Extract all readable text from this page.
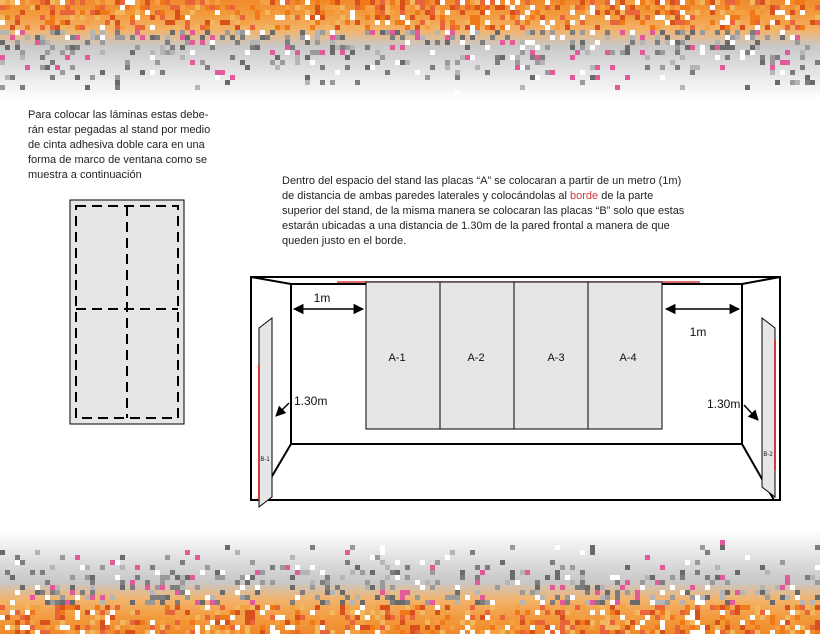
Para colocar las láminas estas debe-
rán estar pegadas al stand por medio
de cinta adhesiva doble cara en una
forma de marco de ventana como se
muestra a continuación	Dentro del espacio del stand las placas “A” se colocaran a partir de un metro (1m)
de distancia de ambas paredes laterales y colocándolas al borde de la parte
superior del stand, de la misma manera se colocaran las placas “B” solo que estas
estarán ubicadas a una distancia de 1.30m de la pared frontal a manera de que
queden justo en el borde.
A-1	A-2	A-3	A-4
B-1
B-2
1m
1m
1.30m	1.30m
